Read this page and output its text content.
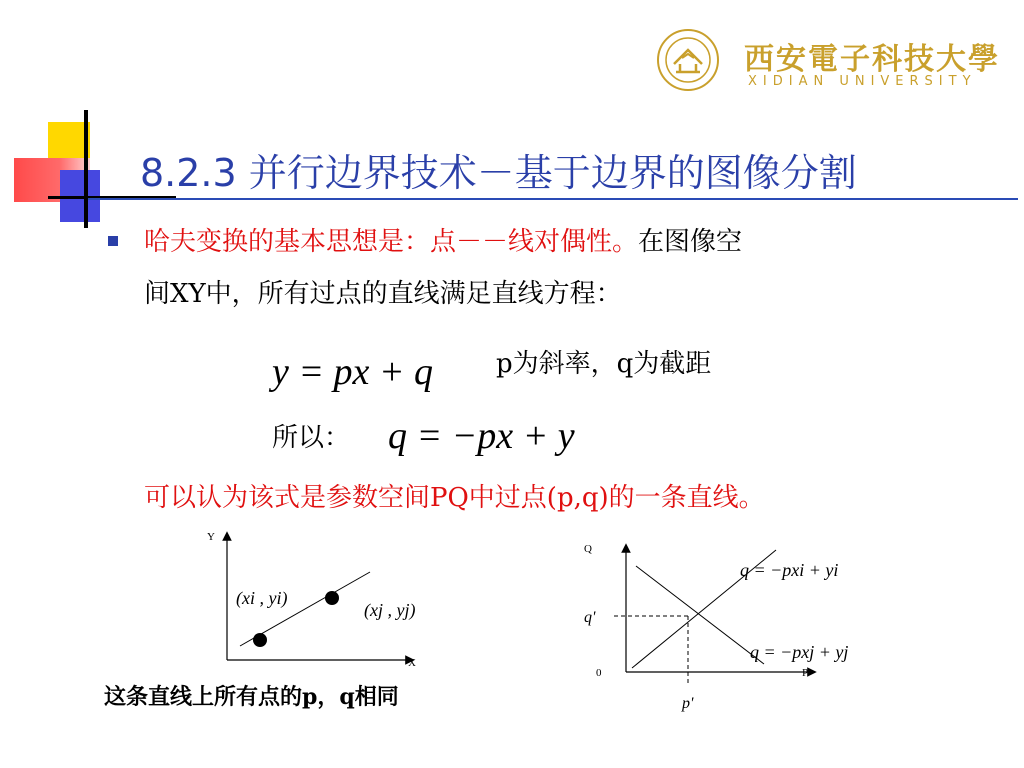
西安電子科技大學
XIDIAN UNIVERSITY
8.2.3 并行边界技术－基于边界的图像分割
哈夫变换的基本思想是：点－－线对偶性。在图像空
间XY中，所有过点的直线满足直线方程：
y = px + q p为斜率，q为截距
所以： q = −px + y
可以认为该式是参数空间PQ中过点(p,q)的一条直线。
Y
X
(xi , yi)
(xj , yj)
这条直线上所有点的p，q相同
Q
P
0
q'
p'
q = −pxi + yi
q = −pxj + yj
